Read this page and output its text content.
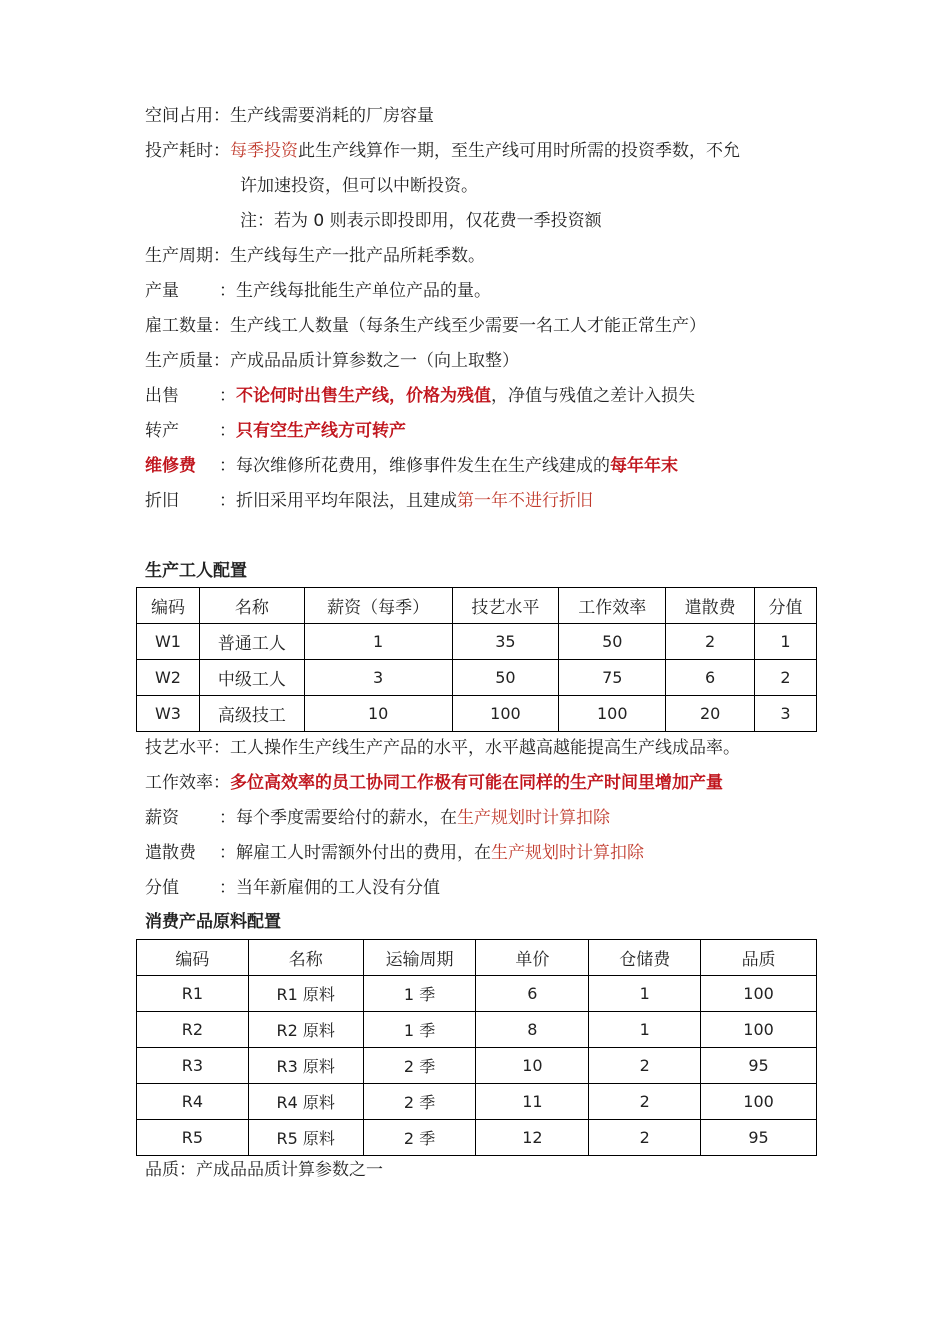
空间占用：生产线需要消耗的厂房容量
投产耗时：每季投资此生产线算作一期，至生产线可用时所需的投资季数，不允
许加速投资，但可以中断投资。
注：若为 0 则表示即投即用，仅花费一季投资额
生产周期：生产线每生产一批产品所耗季数。
产量 ：生产线每批能生产单位产品的量。
雇工数量：生产线工人数量（每条生产线至少需要一名工人才能正常生产）
生产质量：产成品品质计算参数之一（向上取整）
出售 ：不论何时出售生产线，价格为残值，净值与残值之差计入损失
转产 ：只有空生产线方可转产
维修费 ：每次维修所花费用，维修事件发生在生产线建成的每年年末
折旧 ：折旧采用平均年限法，且建成第一年不进行折旧
生产工人配置
编码	名称	薪资（每季）	技艺水平	工作效率	遣散费	分值
W1	普通工人	1	35	50	2	1
W2	中级工人	3	50	75	6	2
W3	高级技工	10	100	100	20	3
技艺水平：工人操作生产线生产产品的水平，水平越高越能提高生产线成品率。
工作效率：多位高效率的员工协同工作极有可能在同样的生产时间里增加产量
薪资 ：每个季度需要给付的薪水，在生产规划时计算扣除
遣散费 ：解雇工人时需额外付出的费用，在生产规划时计算扣除
分值 ：当年新雇佣的工人没有分值
消费产品原料配置
编码	名称	运输周期	单价	仓储费	品质
R1	R1 原料	1 季	6	1	100
R2	R2 原料	1 季	8	1	100
R3	R3 原料	2 季	10	2	95
R4	R4 原料	2 季	11	2	100
R5	R5 原料	2 季	12	2	95
品质：产成品品质计算参数之一
